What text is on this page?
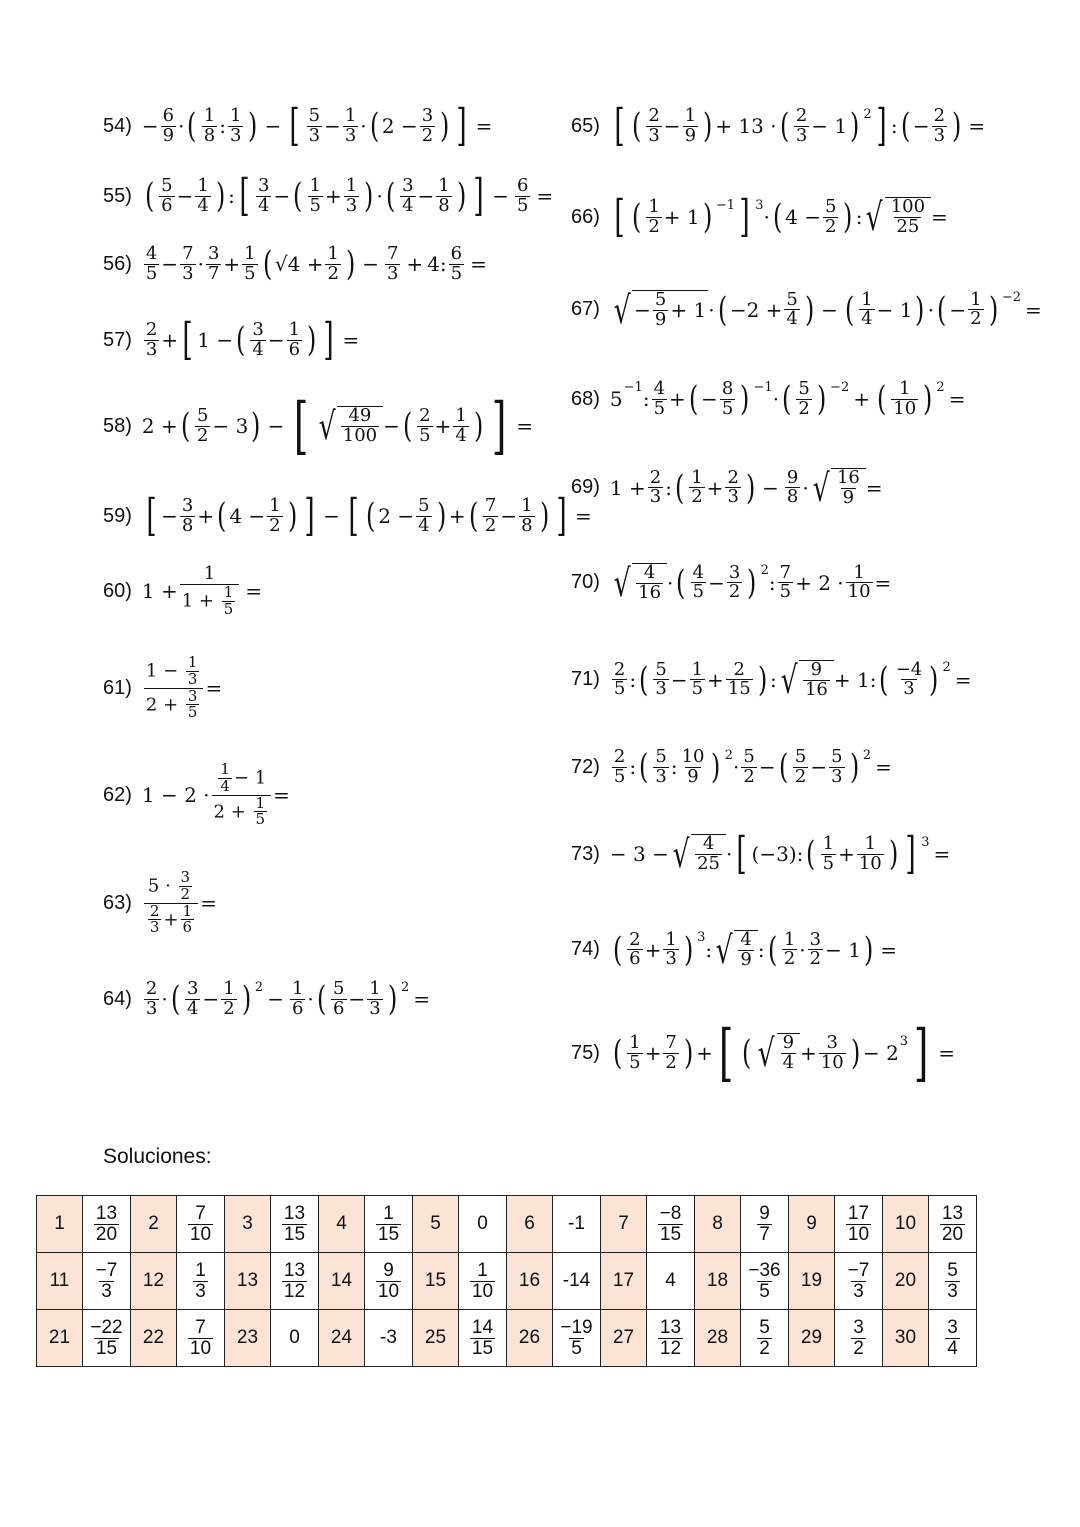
$54) - \frac{6}{9}$ · ( $\frac{1}{8}$ : $\frac{1}{3}$ ) − [ $\frac{5}{3} - \frac{1}{3}$ · ( $2 - \frac{3}{2}$ ) ] =
55) ( $\frac{5}{6} - \frac{1}{4}$ ) : [ $\frac{3}{4}$ − ( $\frac{1}{5} + \frac{1}{3}$ ) · ( $\frac{3}{4} - \frac{1}{8}$ ) ] − $\frac{6}{5}$ =
$56) \frac{4}{5} - \frac{7}{3} \cdot \frac{3}{7} + \frac{1}{5}$ ( $√4 + \frac{1}{2}$ ) − $\frac{7}{3} + 4$: $\frac{6}{5}$ =
$57) \frac{2}{3}$ + [ 1 − ( $\frac{3}{4} - \frac{1}{6}$ ) ] =
58) 2 + ( $\frac{5}{2} - 3$ ) − [ √ $\frac{49}{100}$ − ( $\frac{2}{5} + \frac{1}{4}$ ) ] =
59) [ − $\frac{3}{8}$ + ( $4 - \frac{1}{2}$ ) ] − [ ( $2 - \frac{5}{4}$ ) + ( $\frac{7}{2} - \frac{1}{8}$ ) ] =
60) $1 + \frac{1}{1 + \frac{1}{5}}$ =
$61) \frac{1 - \frac{1}{3}}{2 + \frac{3}{5}}$ =
62) $1 - 2 \cdot \frac{\frac{1}{4} - 1}{2 + \frac{1}{5}}$ =
$63) \frac{5 \cdot \frac{3}{2}}{\frac{2}{3} + \frac{1}{6}}$ =
$64) \frac{2}{3}$ · ( $\frac{3}{4} - \frac{1}{2}$ ) $2 - \frac{1}{6}$ · ( $\frac{5}{6} - \frac{1}{3}$ ) 2 =
65) [ ( $\frac{2}{3} - \frac{1}{9}$ ) + 13 · ( $\frac{2}{3} - 1$ ) 2 ] : ( − $\frac{2}{3}$ ) =
66) [ ( $\frac{1}{2} + 1$ ) −1 ] 3 · ( $4 - \frac{5}{2}$ ) : √ $\frac{100}{25}$ =
67) √ − $\frac{5}{9} + 1$ · ( $-2 + \frac{5}{4}$ ) − ( $\frac{1}{4} - 1$ ) · ( − $\frac{1}{2}$ ) −2 =
68) 5 −1 : $\frac{4}{5}$ + ( − $\frac{8}{5}$ ) −1 · ( $\frac{5}{2}$ ) −2 + ( $\frac{1}{10}$ ) 2 =
69) $1 + \frac{2}{3}$ : ( $\frac{1}{2} + \frac{2}{3}$ ) − $\frac{9}{8}$ · √ $\frac{16}{9}$ =
70) √ $\frac{4}{16}$ · ( $\frac{4}{5} - \frac{3}{2}$ ) 2 : $\frac{7}{5} + 2 \cdot \frac{1}{10}$ =
$71) \frac{2}{5}$ : ( $\frac{5}{3} - \frac{1}{5} + \frac{2}{15}$ ) : √ $\frac{9}{16} + 1$: ( $\frac{-4}{3}$ ) 2 =
$72) \frac{2}{5}$ : ( $\frac{5}{3}$ : $\frac{10}{9}$ ) $2 \cdot \frac{5}{2}$ − ( $\frac{5}{2} - \frac{5}{3}$ ) 2 =
73) − 3 − √ $\frac{4}{25}$ · [ (−3): ( $\frac{1}{5} + \frac{1}{10}$ ) ] 3 =
74) ( $\frac{2}{6} + \frac{1}{3}$ ) 3 : √ $\frac{4}{9}$ : ( $\frac{1}{2} \cdot \frac{3}{2} - 1$ ) =
75) ( $\frac{1}{5} + \frac{7}{2}$ ) + [ ( √ $\frac{9}{4} + \frac{3}{10}$ ) − 2 3 ] =
Soluciones:
1	$\frac{13}{20}$	2	$\frac{7}{10}$	3	$\frac{13}{15}$	4	$\frac{1}{15}$	5	0	6	-1	7	$\frac{-8}{15}$	8	$\frac{9}{7}$	9	$\frac{17}{10}$	10	$\frac{13}{20}$

11	$\frac{-7}{3}$	12	$\frac{1}{3}$	13	$\frac{13}{12}$	14	$\frac{9}{10}$	15	$\frac{1}{10}$	16	-14	17	4	18	$\frac{-36}{5}$	19	$\frac{-7}{3}$	20	$\frac{5}{3}$

21	$\frac{-22}{15}$	22	$\frac{7}{10}$	23	0	24	-3	25	$\frac{14}{15}$	26	$\frac{-19}{5}$	27	$\frac{13}{12}$	28	$\frac{5}{2}$	29	$\frac{3}{2}$	30	$\frac{3}{4}$
